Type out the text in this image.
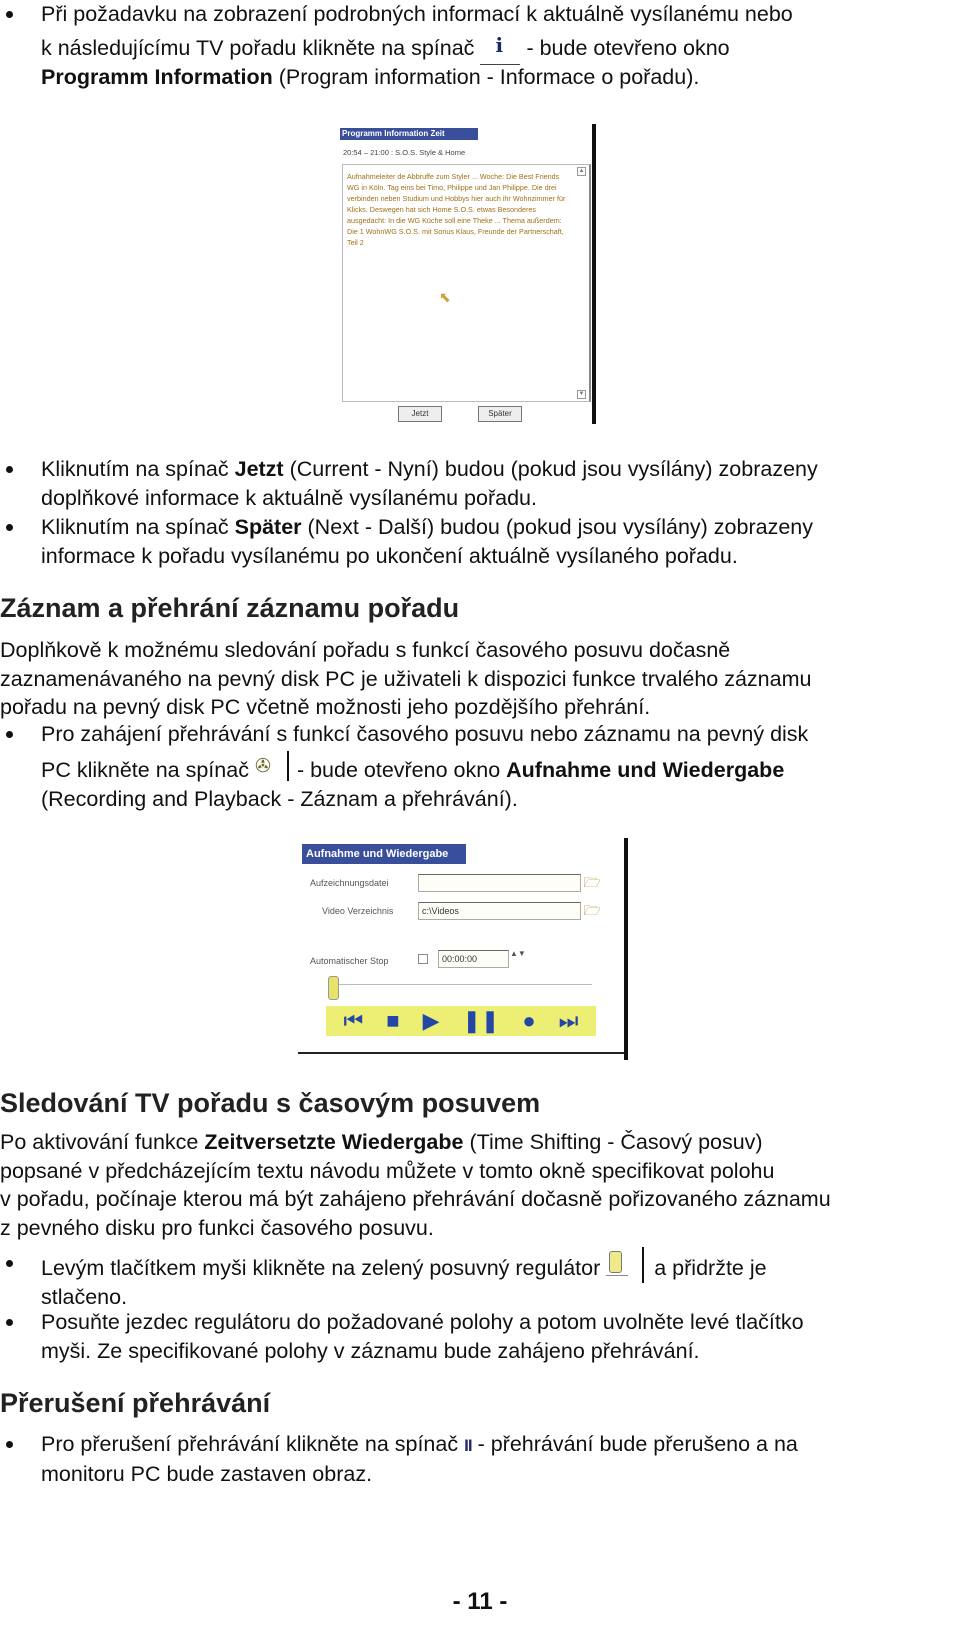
Při požadavku na zobrazení podrobných informací k aktuálně vysílanému nebo
k následujícímu TV pořadu klikněte na spínač i - bude otevřeno okno
Programm Information (Program information - Informace o pořadu).
Programm Information Zeit
20:54 – 21:00 : S.O.S. Style & Home
Aufnahmeleiter de Abbruffe zum Styler ... Woche: Die Best Friends WG in Köln. Tag eins bei Timo, Philippe und Jan Philippe. Die drei verbinden neben Studium und Hobbys hier auch ihr Wohnzimmer für Klicks. Deswegen hat sich Home S.O.S. etwas Besonderes ausgedacht: In die WG Küche soll eine Theke ... Thema außerdem: Die 1 WohnWG S.O.S. mit Sonus Klaus, Freunde der Partnerschaft, Teil 2
⬉
▲
▼
Jetzt	Später
Kliknutím na spínač Jetzt (Current - Nyní) budou (pokud jsou vysílány) zobrazeny
doplňkové informace k aktuálně vysílanému pořadu.
Kliknutím na spínač Später (Next - Další) budou (pokud jsou vysílány) zobrazeny
informace k pořadu vysílanému po ukončení aktuálně vysílaného pořadu.
Záznam a přehrání záznamu pořadu
Doplňkově k možnému sledování pořadu s funkcí časového posuvu dočasně
zaznamenávaného na pevný disk PC je uživateli k dispozici funkce trvalého záznamu
pořadu na pevný disk PC včetně možnosti jeho pozdějšího přehrání.
Pro zahájení přehrávání s funkcí časového posuvu nebo záznamu na pevný disk
PC klikněte na spínač ✇ - bude otevřeno okno Aufnahme und Wiedergabe
(Recording and Playback - Záznam a přehrávání).
Aufnahme und Wiedergabe
Aufzeichnungsdatei	🗁
Video Verzeichnis	c:\Videos	🗁
Automatischer Stop	00:00:00
▲▼
⏮ ■ ▶ ❚❚ ● ⏭
Sledování TV pořadu s časovým posuvem
Po aktivování funkce Zeitversetzte Wiedergabe (Time Shifting - Časový posuv)
popsané v předcházejícím textu návodu můžete v tomto okně specifikovat polohu
v pořadu, počínaje kterou má být zahájeno přehrávání dočasně pořizovaného záznamu
z pevného disku pro funkci časového posuvu.
Levým tlačítkem myši klikněte na zelený posuvný regulátor	a přidržte je
stlačeno.
Posuňte jezdec regulátoru do požadované polohy a potom uvolněte levé tlačítko
myši. Ze specifikované polohy v záznamu bude zahájeno přehrávání.
Přerušení přehrávání
Pro přerušení přehrávání klikněte na spínač II - přehrávání bude přerušeno a na
monitoru PC bude zastaven obraz.
- 11 -
